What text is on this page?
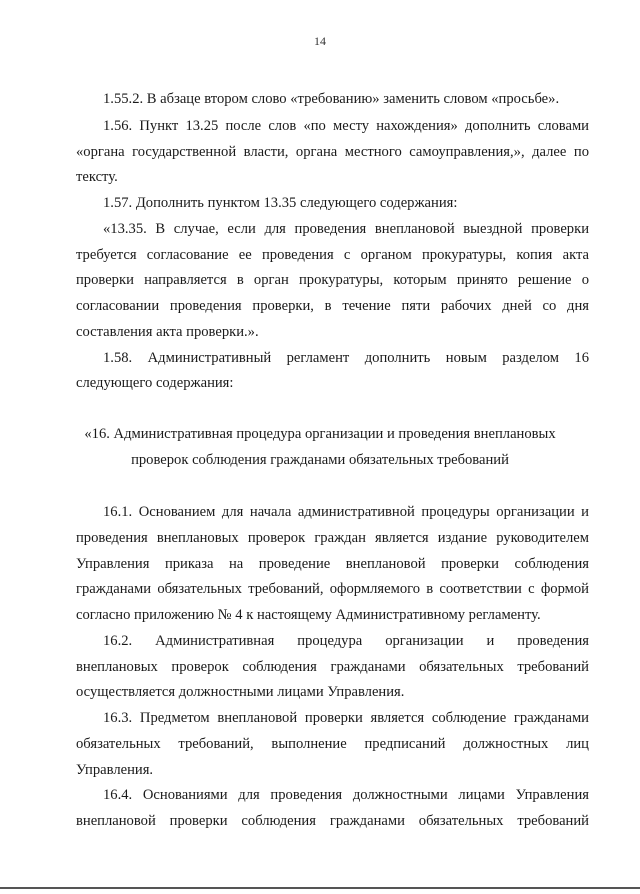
14
1.55.2. В абзаце втором слово «требованию» заменить словом «просьбе».
1.56. Пункт 13.25 после слов «по месту нахождения» дополнить словами
«органа государственной власти, органа местного самоуправления,», далее по
тексту.
1.57. Дополнить пунктом 13.35 следующего содержания:
«13.35. В случае, если для проведения внеплановой выездной проверки
требуется согласование ее проведения с органом прокуратуры, копия акта
проверки направляется в орган прокуратуры, которым принято решение о
согласовании проведения проверки, в течение пяти рабочих дней со дня
составления акта проверки.».
1.58. Административный регламент дополнить новым разделом 16
следующего содержания:
«16. Административная процедура организации и проведения внеплановых
проверок соблюдения гражданами обязательных требований
16.1. Основанием для начала административной процедуры организации и
проведения внеплановых проверок граждан является издание руководителем
Управления приказа на проведение внеплановой проверки соблюдения
гражданами обязательных требований, оформляемого в соответствии с формой
согласно приложению № 4 к настоящему Административному регламенту.
16.2. Административная процедура организации и проведения
внеплановых проверок соблюдения гражданами обязательных требований
осуществляется должностными лицами Управления.
16.3. Предметом внеплановой проверки является соблюдение гражданами
обязательных требований, выполнение предписаний должностных лиц
Управления.
16.4. Основаниями для проведения должностными лицами Управления
внеплановой проверки соблюдения гражданами обязательных требований
